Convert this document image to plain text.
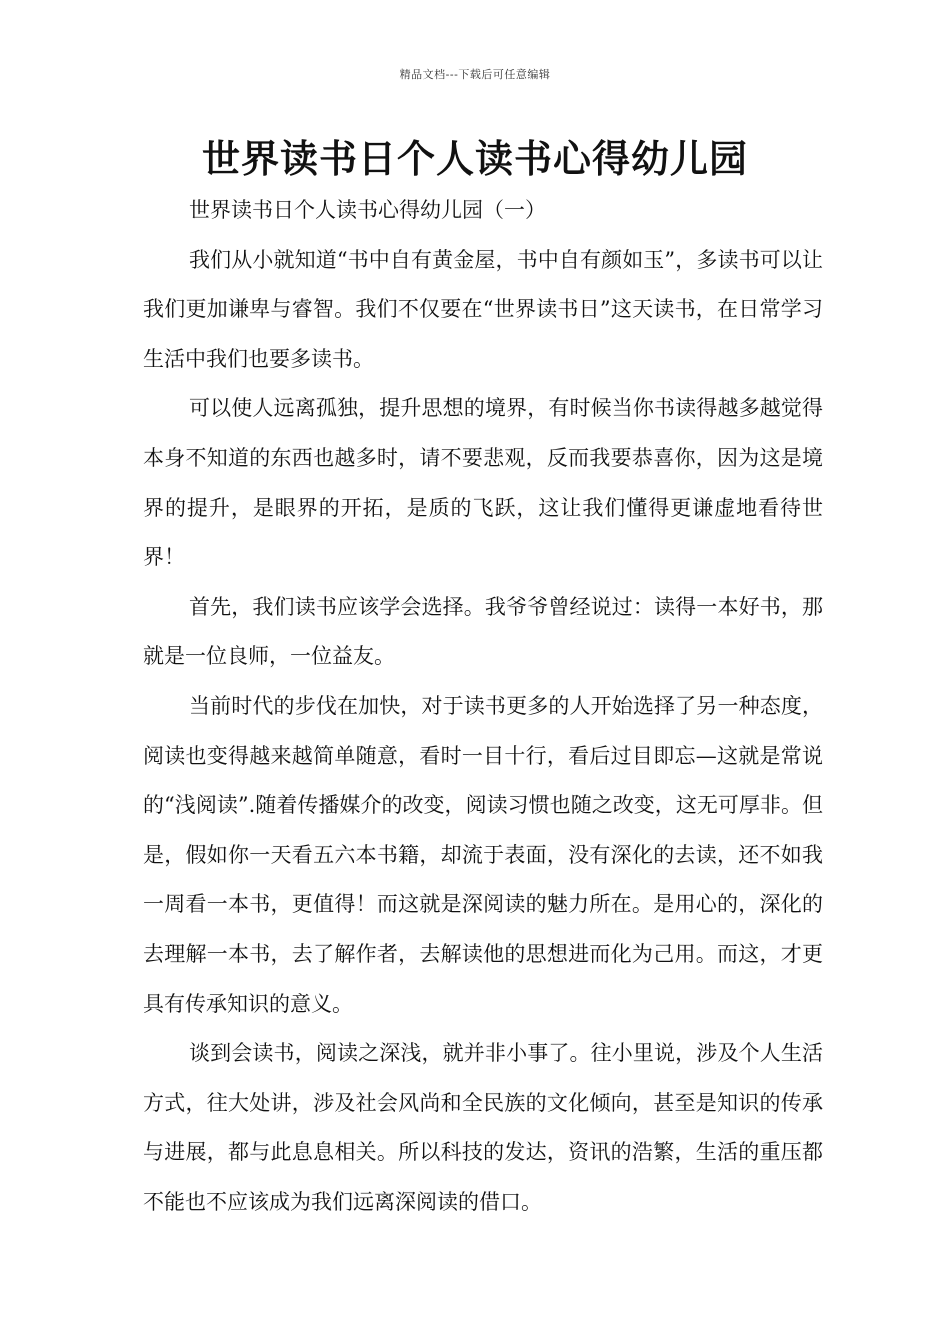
精品文档---下载后可任意编辑
世界读书日个人读书心得幼儿园

世界读书日个人读书心得幼儿园（一）

我们从小就知道“书中自有黄金屋，书中自有颜如玉”，多读书可以让我们更加谦卑与睿智。我们不仅要在“世界读书日”这天读书，在日常学习生活中我们也要多读书。

可以使人远离孤独，提升思想的境界，有时候当你书读得越多越觉得本身不知道的东西也越多时，请不要悲观，反而我要恭喜你，因为这是境界的提升，是眼界的开拓，是质的飞跃，这让我们懂得更谦虚地看待世界！

首先，我们读书应该学会选择。我爷爷曾经说过：读得一本好书，那就是一位良师，一位益友。

当前时代的步伐在加快，对于读书更多的人开始选择了另一种态度，阅读也变得越来越简单随意，看时一目十行，看后过目即忘—这就是常说的“浅阅读”.随着传播媒介的改变，阅读习惯也随之改变，这无可厚非。但是，假如你一天看五六本书籍，却流于表面，没有深化的去读，还不如我一周看一本书，更值得！而这就是深阅读的魅力所在。是用心的，深化的去理解一本书，去了解作者，去解读他的思想进而化为己用。而这，才更具有传承知识的意义。

谈到会读书，阅读之深浅，就并非小事了。往小里说，涉及个人生活方式，往大处讲，涉及社会风尚和全民族的文化倾向，甚至是知识的传承与进展，都与此息息相关。所以科技的发达，资讯的浩繁，生活的重压都不能也不应该成为我们远离深阅读的借口。
